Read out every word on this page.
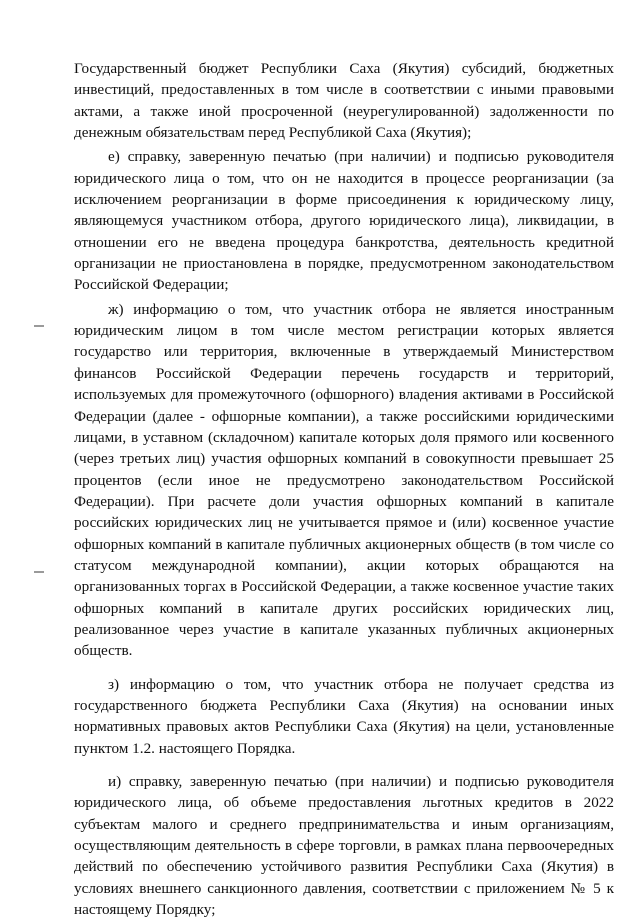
Государственный бюджет Республики Саха (Якутия) субсидий, бюджетных инвестиций, предоставленных в том числе в соответствии с иными правовыми актами, а также иной просроченной (неурегулированной) задолженности по денежным обязательствам перед Республикой Саха (Якутия);

е) справку, заверенную печатью (при наличии) и подписью руководителя юридического лица о том, что он не находится в процессе реорганизации (за исключением реорганизации в форме присоединения к юридическому лицу, являющемуся участником отбора, другого юридического лица), ликвидации, в отношении его не введена процедура банкротства, деятельность кредитной организации не приостановлена в порядке, предусмотренном законодательством Российской Федерации;

ж) информацию о том, что участник отбора не является иностранным юридическим лицом в том числе местом регистрации которых является государство или территория, включенные в утверждаемый Министерством финансов Российской Федерации перечень государств и территорий, используемых для промежуточного (офшорного) владения активами в Российской Федерации (далее - офшорные компании), а также российскими юридическими лицами, в уставном (складочном) капитале которых доля прямого или косвенного (через третьих лиц) участия офшорных компаний в совокупности превышает 25 процентов (если иное не предусмотрено законодательством Российской Федерации). При расчете доли участия офшорных компаний в капитале российских юридических лиц не учитывается прямое и (или) косвенное участие офшорных компаний в капитале публичных акционерных обществ (в том числе со статусом международной компании), акции которых обращаются на организованных торгах в Российской Федерации, а также косвенное участие таких офшорных компаний в капитале других российских юридических лиц, реализованное через участие в капитале указанных публичных акционерных обществ.

з) информацию о том, что участник отбора не получает средства из государственного бюджета Республики Саха (Якутия) на основании иных нормативных правовых актов Республики Саха (Якутия) на цели, установленные пунктом 1.2. настоящего Порядка.

и) справку, заверенную печатью (при наличии) и подписью руководителя юридического лица, об объеме предоставления льготных кредитов в 2022 субъектам малого и среднего предпринимательства и иным организациям, осуществляющим деятельность в сфере торговли, в рамках плана первоочередных действий по обеспечению устойчивого развития Республики Саха (Якутия) в условиях внешнего санкционного давления, соответствии с приложением № 5 к настоящему Порядку;
